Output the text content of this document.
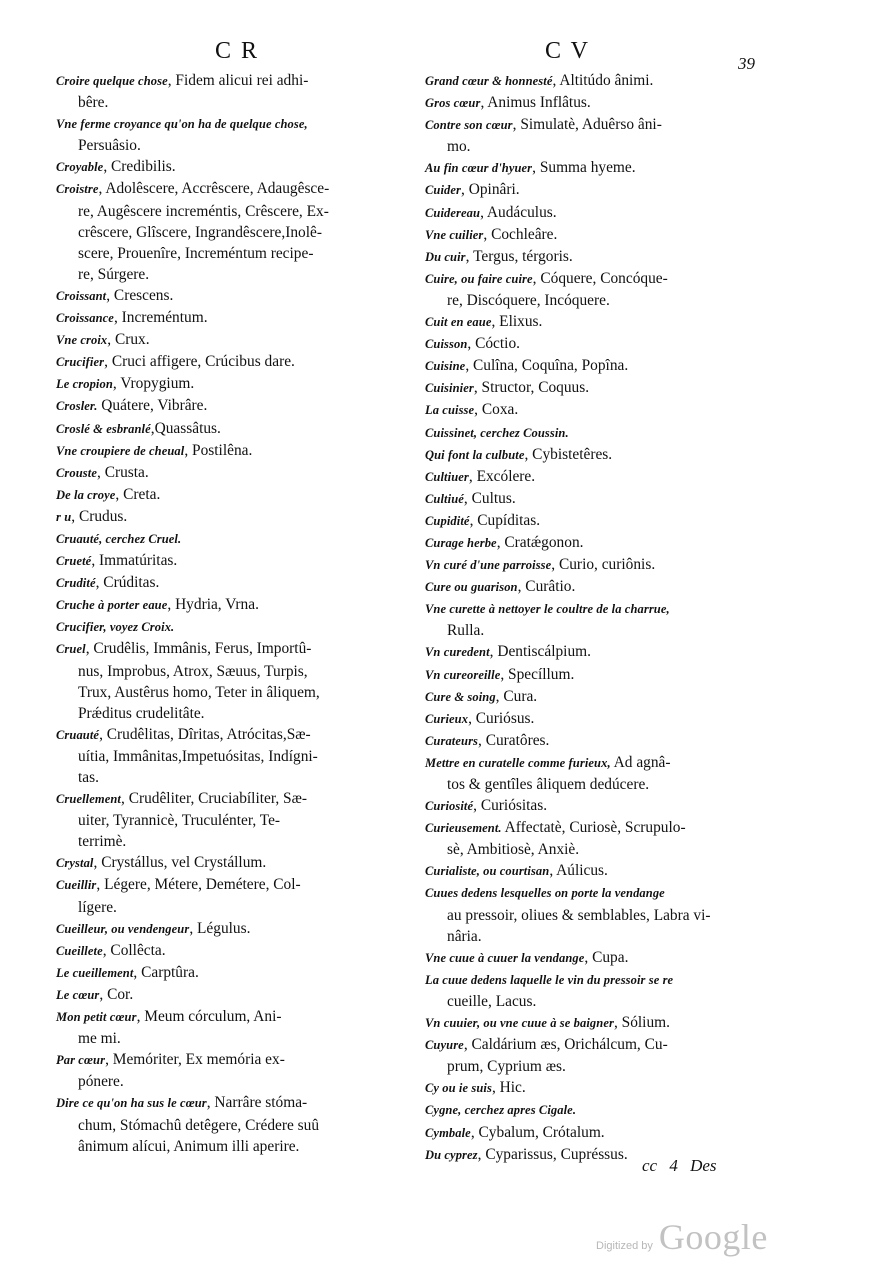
C R	C V	39

Croire quelque chose, Fidem alicui rei adhi-
bêre.

Vne ferme croyance qu'on ha de quelque chose,
Persuâsio.

Croyable, Credibilis.

Croistre, Adolêscere, Accrêscere, Adaugêsce-
re, Augêscere increméntis, Crêscere, Ex-
crêscere, Glîscere, Ingrandêscere,Inolê-
scere, Prouenîre, Increméntum recipe-
re, Súrgere.

Croissant, Crescens.

Croissance, Increméntum.

Vne croix, Crux.

Crucifier, Cruci affigere, Crúcibus dare.

Le cropion, Vropygium.

Crosler. Quátere, Vibrâre.

Croslé & esbranlé,Quassâtus.

Vne croupiere de cheual, Postilêna.

Crouste, Crusta.

De la croye, Creta.

r u, Crudus.

Cruauté, cerchez Cruel.

Crueté, Immatúritas.

Crudité, Crúditas.

Cruche à porter eaue, Hydria, Vrna.

Crucifier, voyez Croix.

Cruel, Crudêlis, Immânis, Ferus, Importû-
nus, Improbus, Atrox, Sæuus, Turpis,
Trux, Austêrus homo, Teter in âliquem,
Prǽditus crudelitâte.

Cruauté, Crudêlitas, Dîritas, Atrócitas,Sæ-
uítia, Immânitas,Impetuósitas, Indígni-
tas.

Cruellement, Crudêliter, Cruciabíliter, Sæ-
uiter, Tyrannicè, Truculénter, Te-
terrimè.

Crystal, Crystállus, vel Crystállum.

Cueillir, Légere, Métere, Demétere, Col-
lígere.

Cueilleur, ou vendengeur, Légulus.

Cueillete, Collêcta.

Le cueillement, Carptûra.

Le cœur, Cor.

Mon petit cœur, Meum córculum, Ani-
me mi.

Par cœur, Memóriter, Ex memória ex-
pónere.

Dire ce qu'on ha sus le cœur, Narrâre stóma-
chum, Stómachû detêgere, Crédere suû
ânimum alícui, Animum illi aperire.

Grand cœur & honnesté, Altitúdo ânimi.

Gros cœur, Animus Inflâtus.

Contre son cœur, Simulatè, Aduêrso âni-
mo.

Au fin cœur d'hyuer, Summa hyeme.

Cuider, Opinâri.

Cuidereau, Audáculus.

Vne cuilier, Cochleâre.

Du cuir, Tergus, térgoris.

Cuire, ou faire cuire, Cóquere, Concóque-
re, Discóquere, Incóquere.

Cuit en eaue, Elixus.

Cuisson, Cóctio.

Cuisine, Culîna, Coquîna, Popîna.

Cuisinier, Structor, Coquus.

La cuisse, Coxa.

Cuissinet, cerchez Coussin.

Qui font la culbute, Cybistetêres.

Cultiuer, Excólere.

Cultiué, Cultus.

Cupidité, Cupíditas.

Curage herbe, Cratǽgonon.

Vn curé d'une parroisse, Curio, curiônis.

Cure ou guarison, Curâtio.

Vne curette à nettoyer le coultre de la charrue,
Rulla.

Vn curedent, Dentiscálpium.

Vn cureoreille, Specíllum.

Cure & soing, Cura.

Curieux, Curiósus.

Curateurs, Curatôres.

Mettre en curatelle comme furieux, Ad agnâ-
tos & gentîles âliquem dedúcere.

Curiosité, Curiósitas.

Curieusement. Affectatè, Curiosè, Scrupulo-
sè, Ambitiosè, Anxiè.

Curialiste, ou courtisan, Aúlicus.

Cuues dedens lesquelles on porte la vendange
au pressoir, oliues & semblables, Labra vi-
nâria.

Vne cuue à cuuer la vendange, Cupa.

La cuue dedens laquelle le vin du pressoir se re
cueille, Lacus.

Vn cuuier, ou vne cuue à se baigner, Sólium.

Cuyure, Caldárium æs, Orichálcum, Cu-
prum, Cyprium æs.

Cy ou ie suis, Hic.

Cygne, cerchez apres Cigale.

Cymbale, Cybalum, Crótalum.

Du cyprez, Cyparissus, Cupréssus.

cc 4 Des
Digitized by Google
